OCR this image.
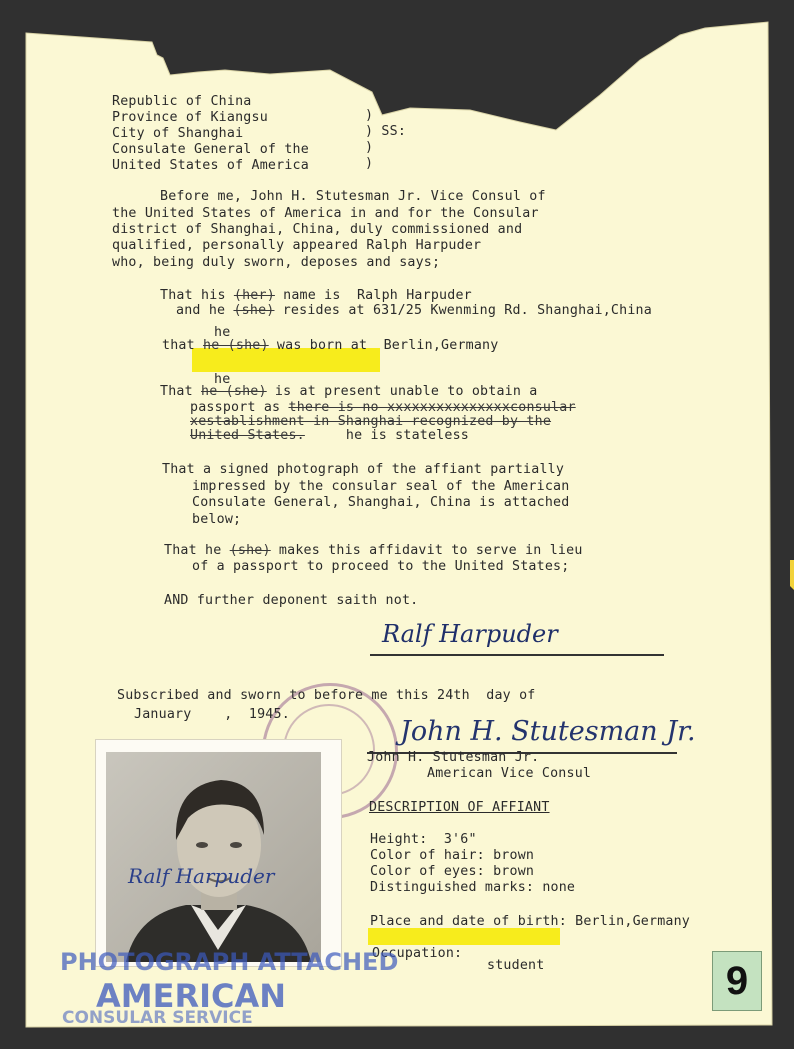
Republic of China
Province of Kiangsu
City of Shanghai
Consulate General of the
United States of America
)
) SS:
)
)
Before me, John H. Stutesman Jr. Vice Consul of
the United States of America in and for the Consular
district of Shanghai, China, duly commissioned and
qualified, personally appeared Ralph Harpuder
who, being duly sworn, deposes and says;
That his (her) name is  Ralph Harpuder
and he (she) resides at 631/25 Kwenming Rd. Shanghai,China
he
that he (she) was born at  Berlin,Germany
he
That he (she) is at present unable to obtain a
passport as there is no xxxxxxxxxxxxxxxconsular
xestablishment in Shanghai recognized by the
United States.	he is stateless
That a signed photograph of the affiant partially
impressed by the consular seal of the American
Consulate General, Shanghai, China is attached
below;
That he (she) makes this affidavit to serve in lieu
of a passport to proceed to the United States;
AND further deponent saith not.
Ralf Harpuder
Subscribed and sworn to before me this 24th  day of
January    ,  1945.
John H. Stutesman Jr.
John H. Stutesman Jr.
American Vice Consul
DESCRIPTION OF AFFIANT
Height:  3'6"
Color of hair: brown
Color of eyes: brown
Distinguished marks: none
Place and date of birth: Berlin,Germany
Occupation:
student
Ralf Harpuder
PHOTOGRAPH ATTACHED
AMERICAN
CONSULAR SERVICE
9
